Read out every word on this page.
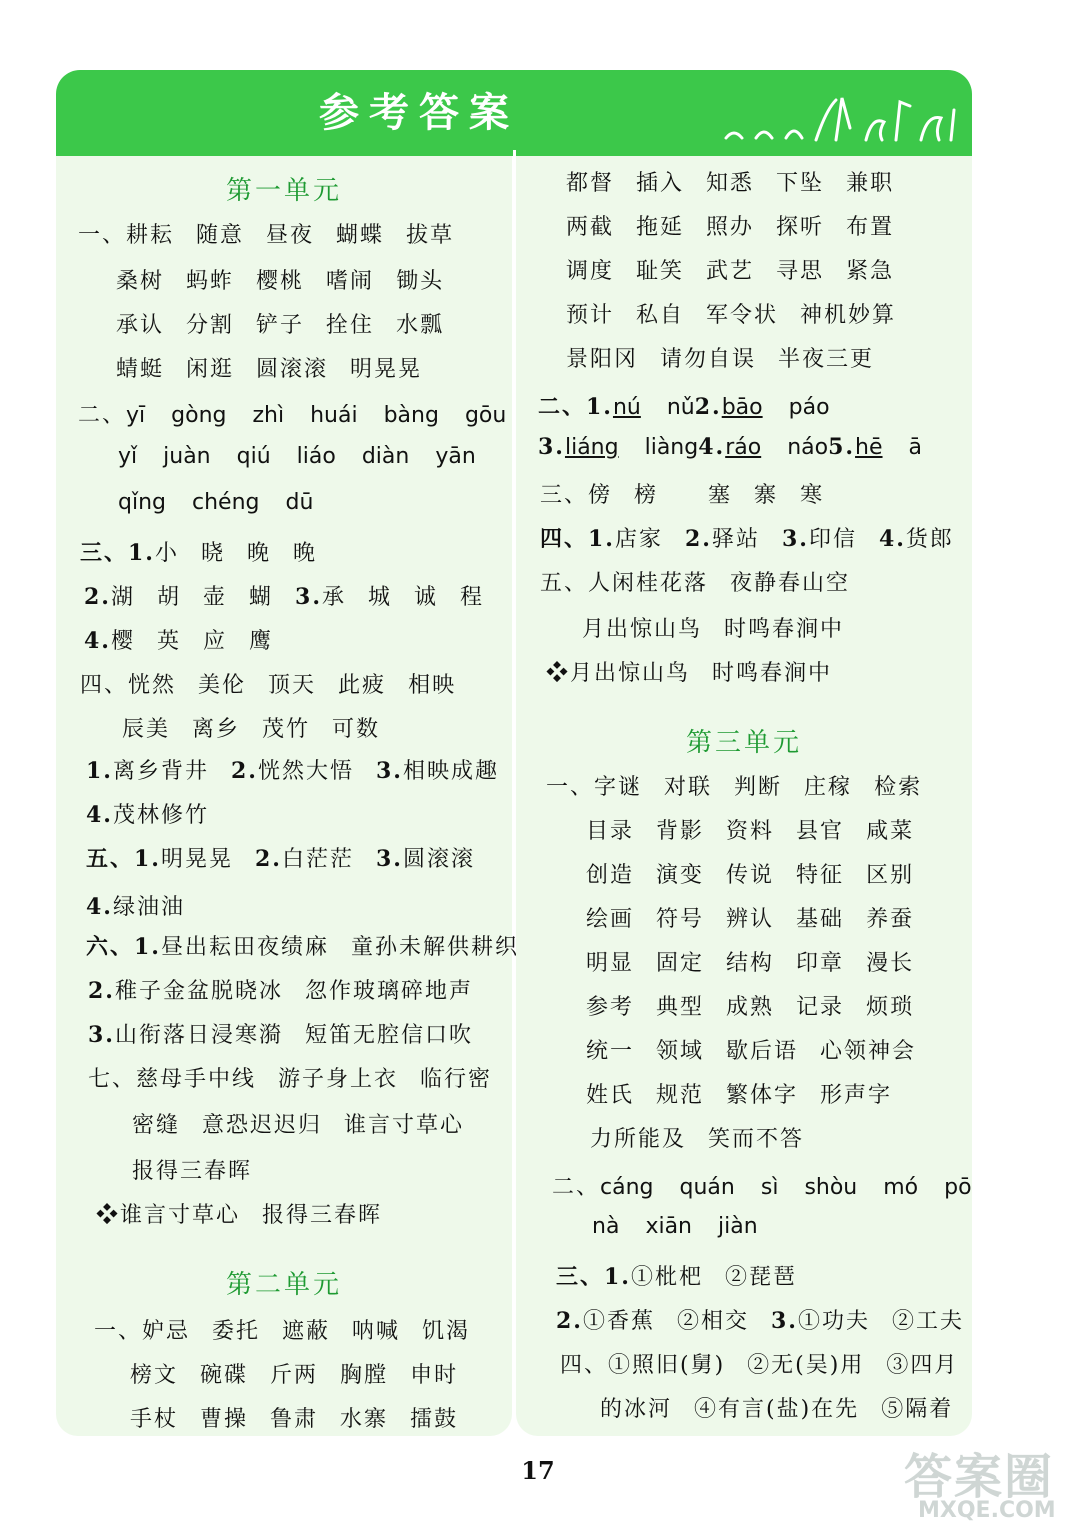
参考答案
第一单元
一、耕耘 随意 昼夜 蝴蝶 拔草
桑树 蚂蚱 樱桃 嗜闹 锄头
承认 分割 铲子 拴住 水瓢
蜻蜓 闲逛 圆滚滚 明晃晃
二、yī gòng zhì huái bàng gōu
yǐ juàn qiú liáo diàn yān
qǐng chéng dū
三、1.小 晓 晚 晚
2.湖 胡 壶 蝴 3.承 城 诚 程
4.樱 英 应 鹰
四、恍然 美伦 顶天 此疲 相映
辰美 离乡 茂竹 可数
1.离乡背井 2.恍然大悟 3.相映成趣
4.茂林修竹
五、1.明晃晃 2.白茫茫 3.圆滚滚
4.绿油油
六、1.昼出耘田夜绩麻 童孙未解供耕织
2.稚子金盆脱晓冰 忽作玻璃碎地声
3.山衔落日浸寒漪 短笛无腔信口吹
七、慈母手中线 游子身上衣 临行密
密缝 意恐迟迟归 谁言寸草心
报得三春晖
❖谁言寸草心 报得三春晖
第二单元
一、妒忌 委托 遮蔽 呐喊 饥渴
榜文 碗碟 斤两 胸膛 申时
手杖 曹操 鲁肃 水寨 擂鼓
都督 插入 知悉 下坠 兼职
两截 拖延 照办 探听 布置
调度 耻笑 武艺 寻思 紧急
预计 私自 军令状 神机妙算
景阳冈 请勿自误 半夜三更
二、1.nú nǔ2.bāo páo
3.liáng liàng4.ráo náo5.hē ā
三、傍 榜 塞 寨 寒
四、1.店家 2.驿站 3.印信 4.货郎
五、人闲桂花落 夜静春山空
月出惊山鸟 时鸣春涧中
❖月出惊山鸟 时鸣春涧中
第三单元
一、字谜 对联 判断 庄稼 检索
目录 背影 资料 县官 咸菜
创造 演变 传说 特征 区别
绘画 符号 辨认 基础 养蚕
明显 固定 结构 印章 漫长
参考 典型 成熟 记录 烦琐
统一 领域 歇后语 心领神会
姓氏 规范 繁体字 形声字
力所能及 笑而不答
二、cáng quán sì shòu mó pō
nà xiān jiàn
三、1.①枇杷 ②琵琶
2.①香蕉 ②相交 3.①功夫 ②工夫
四、①照旧(舅) ②无(吴)用 ③四月
的冰河 ④有言(盐)在先 ⑤隔着
17	答案圈
MXQE.COM
